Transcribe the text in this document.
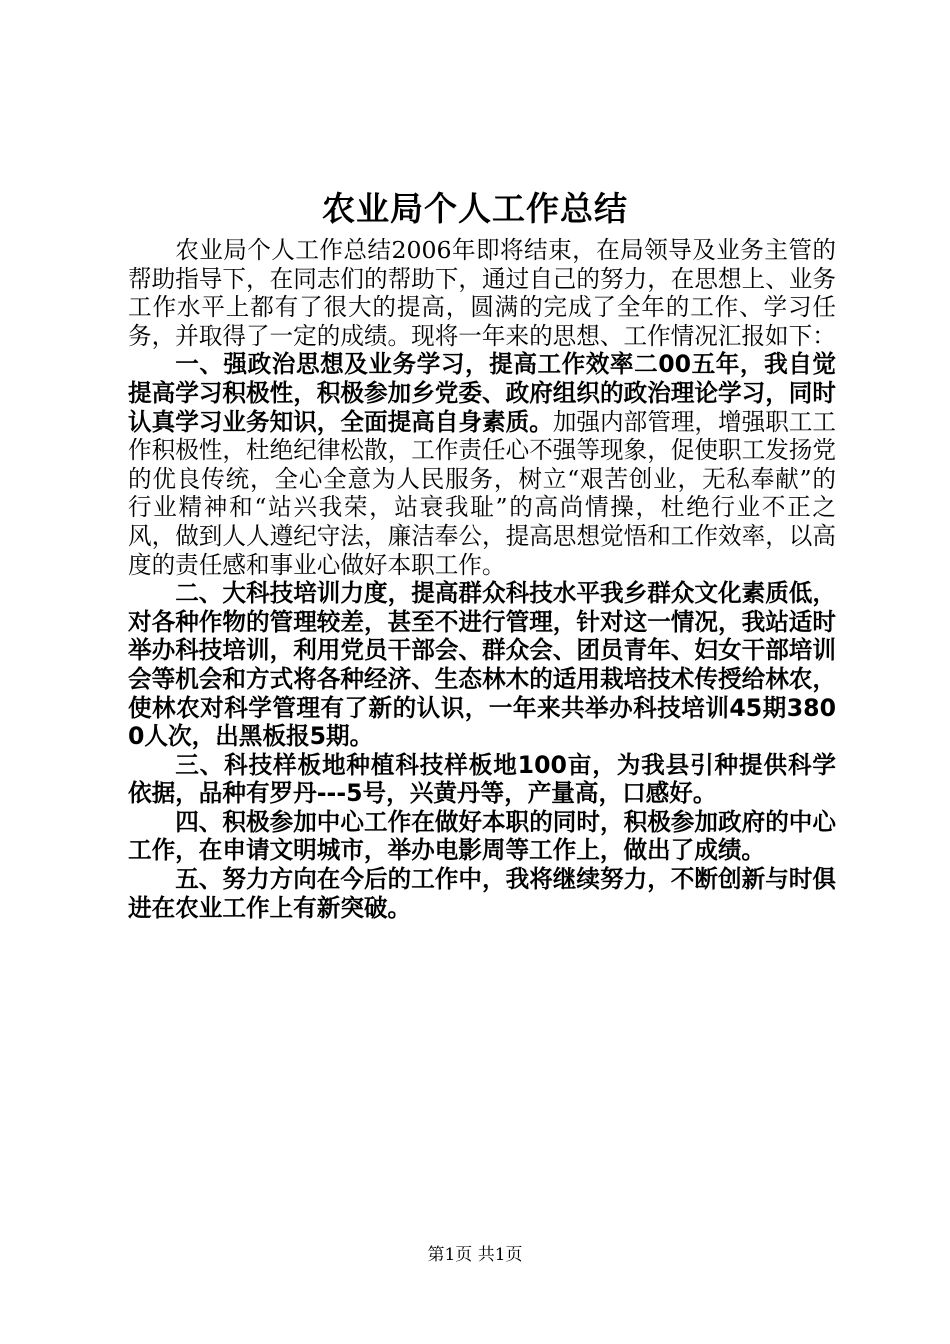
农业局个人工作总结

农业局个人工作总结2006年即将结束，在局领导及业务主管的帮助指导下，在同志们的帮助下，通过自己的努力，在思想上、业务工作水平上都有了很大的提高，圆满的完成了全年的工作、学习任务，并取得了一定的成绩。现将一年来的思想、工作情况汇报如下：

一、强政治思想及业务学习，提高工作效率二00五年，我自觉提高学习积极性，积极参加乡党委、政府组织的政治理论学习，同时认真学习业务知识，全面提高自身素质。加强内部管理，增强职工工作积极性，杜绝纪律松散，工作责任心不强等现象，促使职工发扬党的优良传统，全心全意为人民服务，树立“艰苦创业，无私奉献”的行业精神和“站兴我荣，站衰我耻”的高尚情操，杜绝行业不正之风，做到人人遵纪守法，廉洁奉公，提高思想觉悟和工作效率，以高度的责任感和事业心做好本职工作。

二、大科技培训力度，提高群众科技水平我乡群众文化素质低，对各种作物的管理较差，甚至不进行管理，针对这一情况，我站适时举办科技培训，利用党员干部会、群众会、团员青年、妇女干部培训会等机会和方式将各种经济、生态林木的适用栽培技术传授给林农，使林农对科学管理有了新的认识，一年来共举办科技培训45期3800人次，出黑板报5期。

三、科技样板地种植科技样板地100亩，为我县引种提供科学依据，品种有罗丹---5号，兴黄丹等，产量高，口感好。

四、积极参加中心工作在做好本职的同时，积极参加政府的中心工作，在申请文明城市，举办电影周等工作上，做出了成绩。

五、努力方向在今后的工作中，我将继续努力，不断创新与时俱进在农业工作上有新突破。

第1页 共1页
